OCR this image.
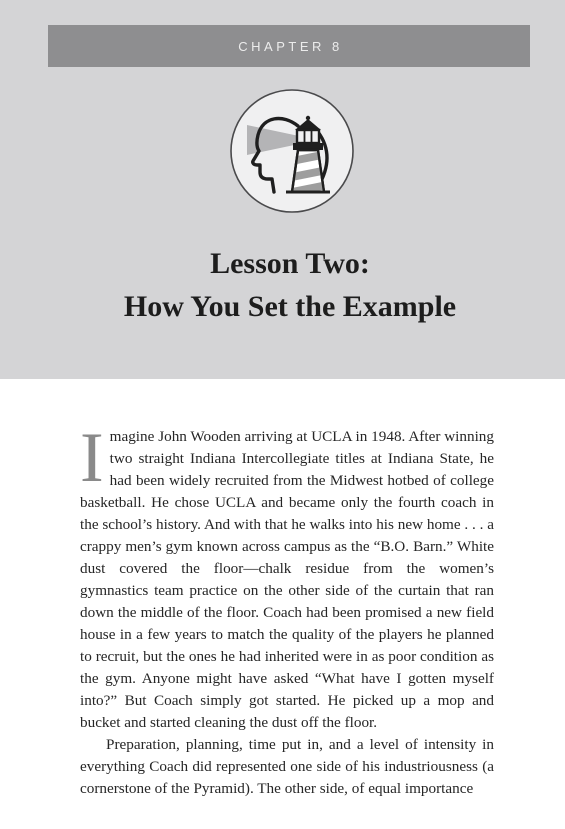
CHAPTER 8
Lesson Two:
How You Set the Example

Imagine John Wooden arriving at UCLA in 1948. After winning two straight Indiana Intercollegiate titles at Indiana State, he had been widely recruited from the Midwest hotbed of college basketball. He chose UCLA and became only the fourth coach in the school’s history. And with that he walks into his new home . . . a crappy men’s gym known across campus as the “B.O. Barn.” White dust covered the floor—chalk residue from the women’s gymnastics team practice on the other side of the curtain that ran down the middle of the floor. Coach had been promised a new field house in a few years to match the quality of the players he planned to recruit, but the ones he had inherited were in as poor condition as the gym. Anyone might have asked “What have I gotten myself into?” But Coach simply got started. He picked up a mop and bucket and started cleaning the dust off the floor.

Preparation, planning, time put in, and a level of intensity in everything Coach did represented one side of his industriousness (a cornerstone of the Pyramid). The other side, of equal importance
